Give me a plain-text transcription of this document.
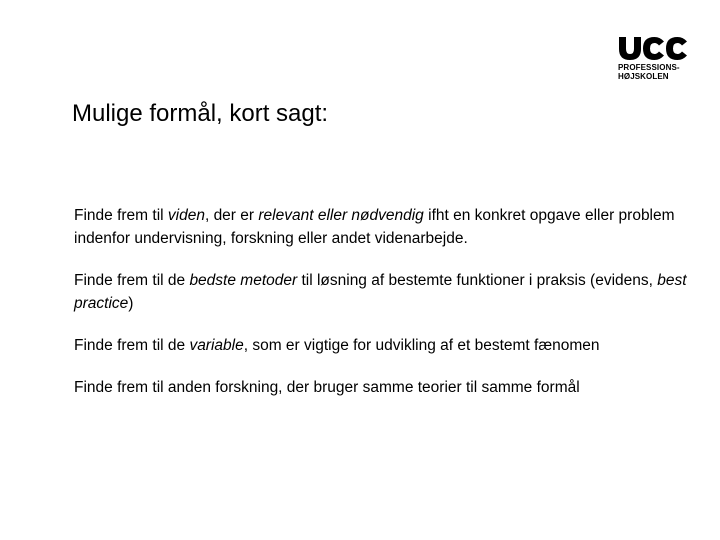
PROFESSIONS-
HØJSKOLEN
Mulige formål, kort sagt:

Finde frem til viden, der er relevant eller nødvendig ifht en konkret opgave eller problem indenfor undervisning, forskning eller andet videnarbejde.

Finde frem til de bedste metoder til løsning af bestemte funktioner i praksis (evidens, best practice)

Finde frem til de variable, som er vigtige for udvikling af et bestemt fænomen

Finde frem til anden forskning, der bruger samme teorier til samme formål
